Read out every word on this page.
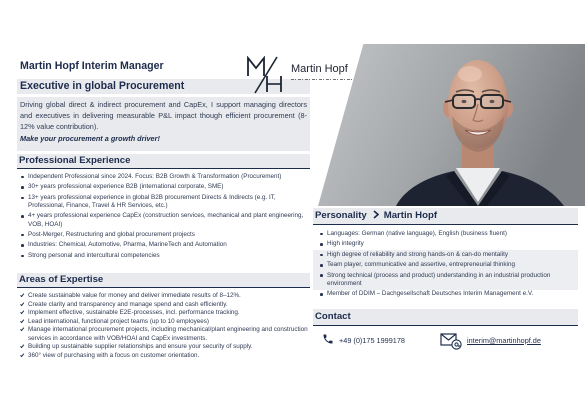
Martin Hopf Interim Manager
Executive in global Procurement
Martin Hopf

Driving global direct & indirect procurement and CapEx, I support managing directors and executives in delivering measurable P&L impact though efficient procurement (8-12% value contribution).

Make your procurement a growth driver!

Professional Experience
Independent Professional since 2024. Focus: B2B Growth & Transformation (Procurement)
30+ years professional experience B2B (international corporate, SME)
13+ years professional experience in global B2B procurement Directs & Indirects (e.g. IT, Professional, Finance, Travel & HR Services, etc.)
4+ years professional experience CapEx (construction services, mechanical and plant engineering, VOB, HOAI)
Post-Merger, Restructuring and global procurement projects
Industries: Chemical, Automotive, Pharma, MarineTech and Automation
Strong personal and intercultural competencies
Areas of Expertise
Create sustainable value for money and deliver immediate results of 8–12%.
Create clarity and transparency and manage spend and cash efficiently.
Implement effective, sustainable E2E-processes, incl. performance tracking.
Lead international, functional project teams (up to 10 employees)
Manage international procurement projects, including mechanical/plant engineering and construction services in accordance with VOB/HOAI and CapEx investments.
Building up sustainable supplier relationships and ensure your security of supply.
360° view of purchasing with a focus on customer orientation.
Personality Martin Hopf
Languages: German (native language), English (business fluent)
High integrity
High degree of reliability and strong hands-on & can-do mentality
Team player, communicative and assertive, entrepreneurial thinking
Strong technical (process and product) understanding in an industrial production environment
Member of DDIM – Dachgesellschaft Deutsches Interim Management e.V.
Contact
+49 (0)175 1999178	interim@martinhopf.de
